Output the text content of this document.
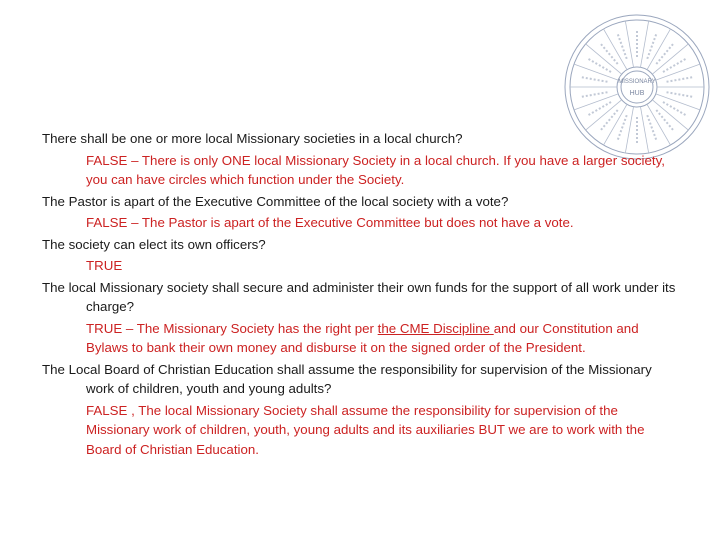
MISSIONARY
HUB
There shall be one or more local Missionary societies in a local church?
FALSE – There is only ONE local Missionary Society in a local church. If you have a larger society, you can have circles which function under the Society.
The Pastor is apart of the Executive Committee of the local society with a vote?
FALSE – The Pastor is apart of the Executive Committee but does not have a vote.
The society can elect its own officers?
TRUE
The local Missionary society shall secure and administer their own funds for the support of all work under its charge?
TRUE – The Missionary Society has the right per the CME Discipline and our Constitution and Bylaws to bank their own money and disburse it on the signed order of the President.
The Local Board of Christian Education shall assume the responsibility for supervision of the Missionary work of children, youth and young adults?
FALSE , The local Missionary Society shall assume the responsibility for supervision of the Missionary work of children, youth, young adults and its auxiliaries BUT we are to work with the Board of Christian Education.
